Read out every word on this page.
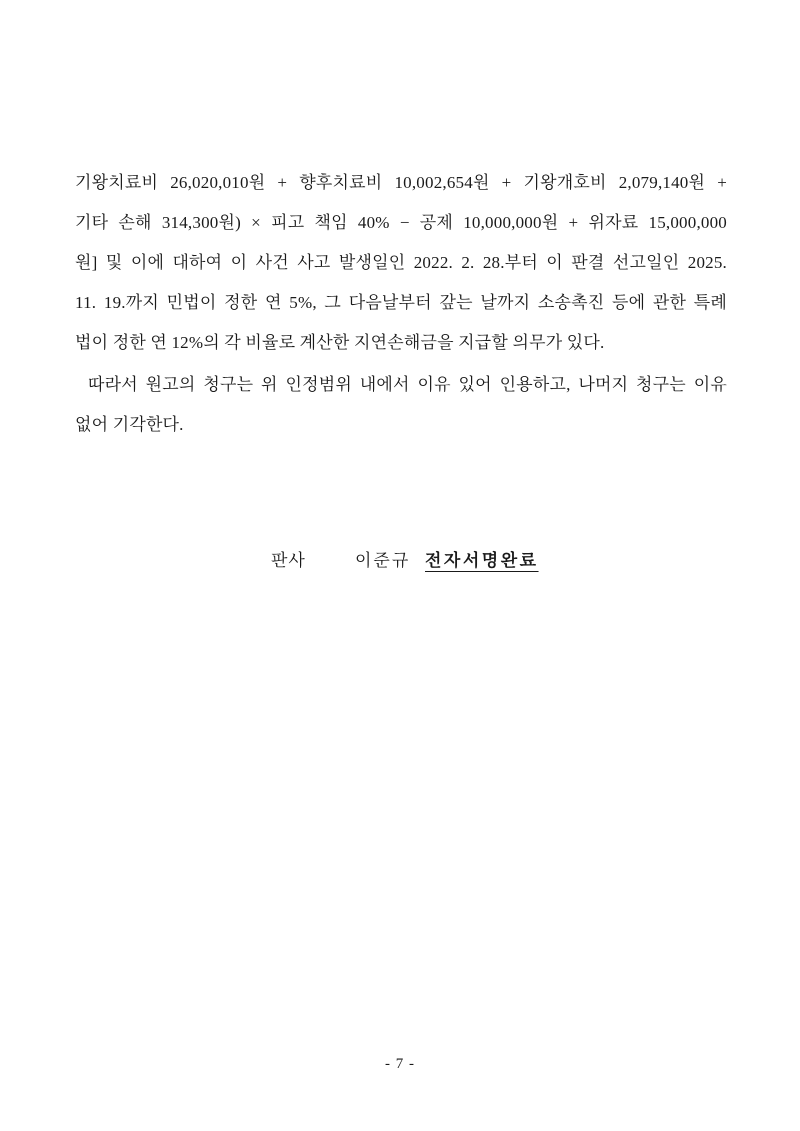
기왕치료비 26,020,010원 + 향후치료비 10,002,654원 + 기왕개호비 2,079,140원 +
기타 손해 314,300원) × 피고 책임 40% − 공제 10,000,000원 + 위자료 15,000,000
원] 및 이에 대하여 이 사건 사고 발생일인 2022. 2. 28.부터 이 판결 선고일인 2025.
11. 19.까지 민법이 정한 연 5%, 그 다음날부터 갚는 날까지 소송촉진 등에 관한 특례
법이 정한 연 12%의 각 비율로 계산한 지연손해금을 지급할 의무가 있다.
따라서 원고의 청구는 위 인정범위 내에서 이유 있어 인용하고, 나머지 청구는 이유
없어 기각한다.
판사	이준규 전자서명완료
- 7 -
